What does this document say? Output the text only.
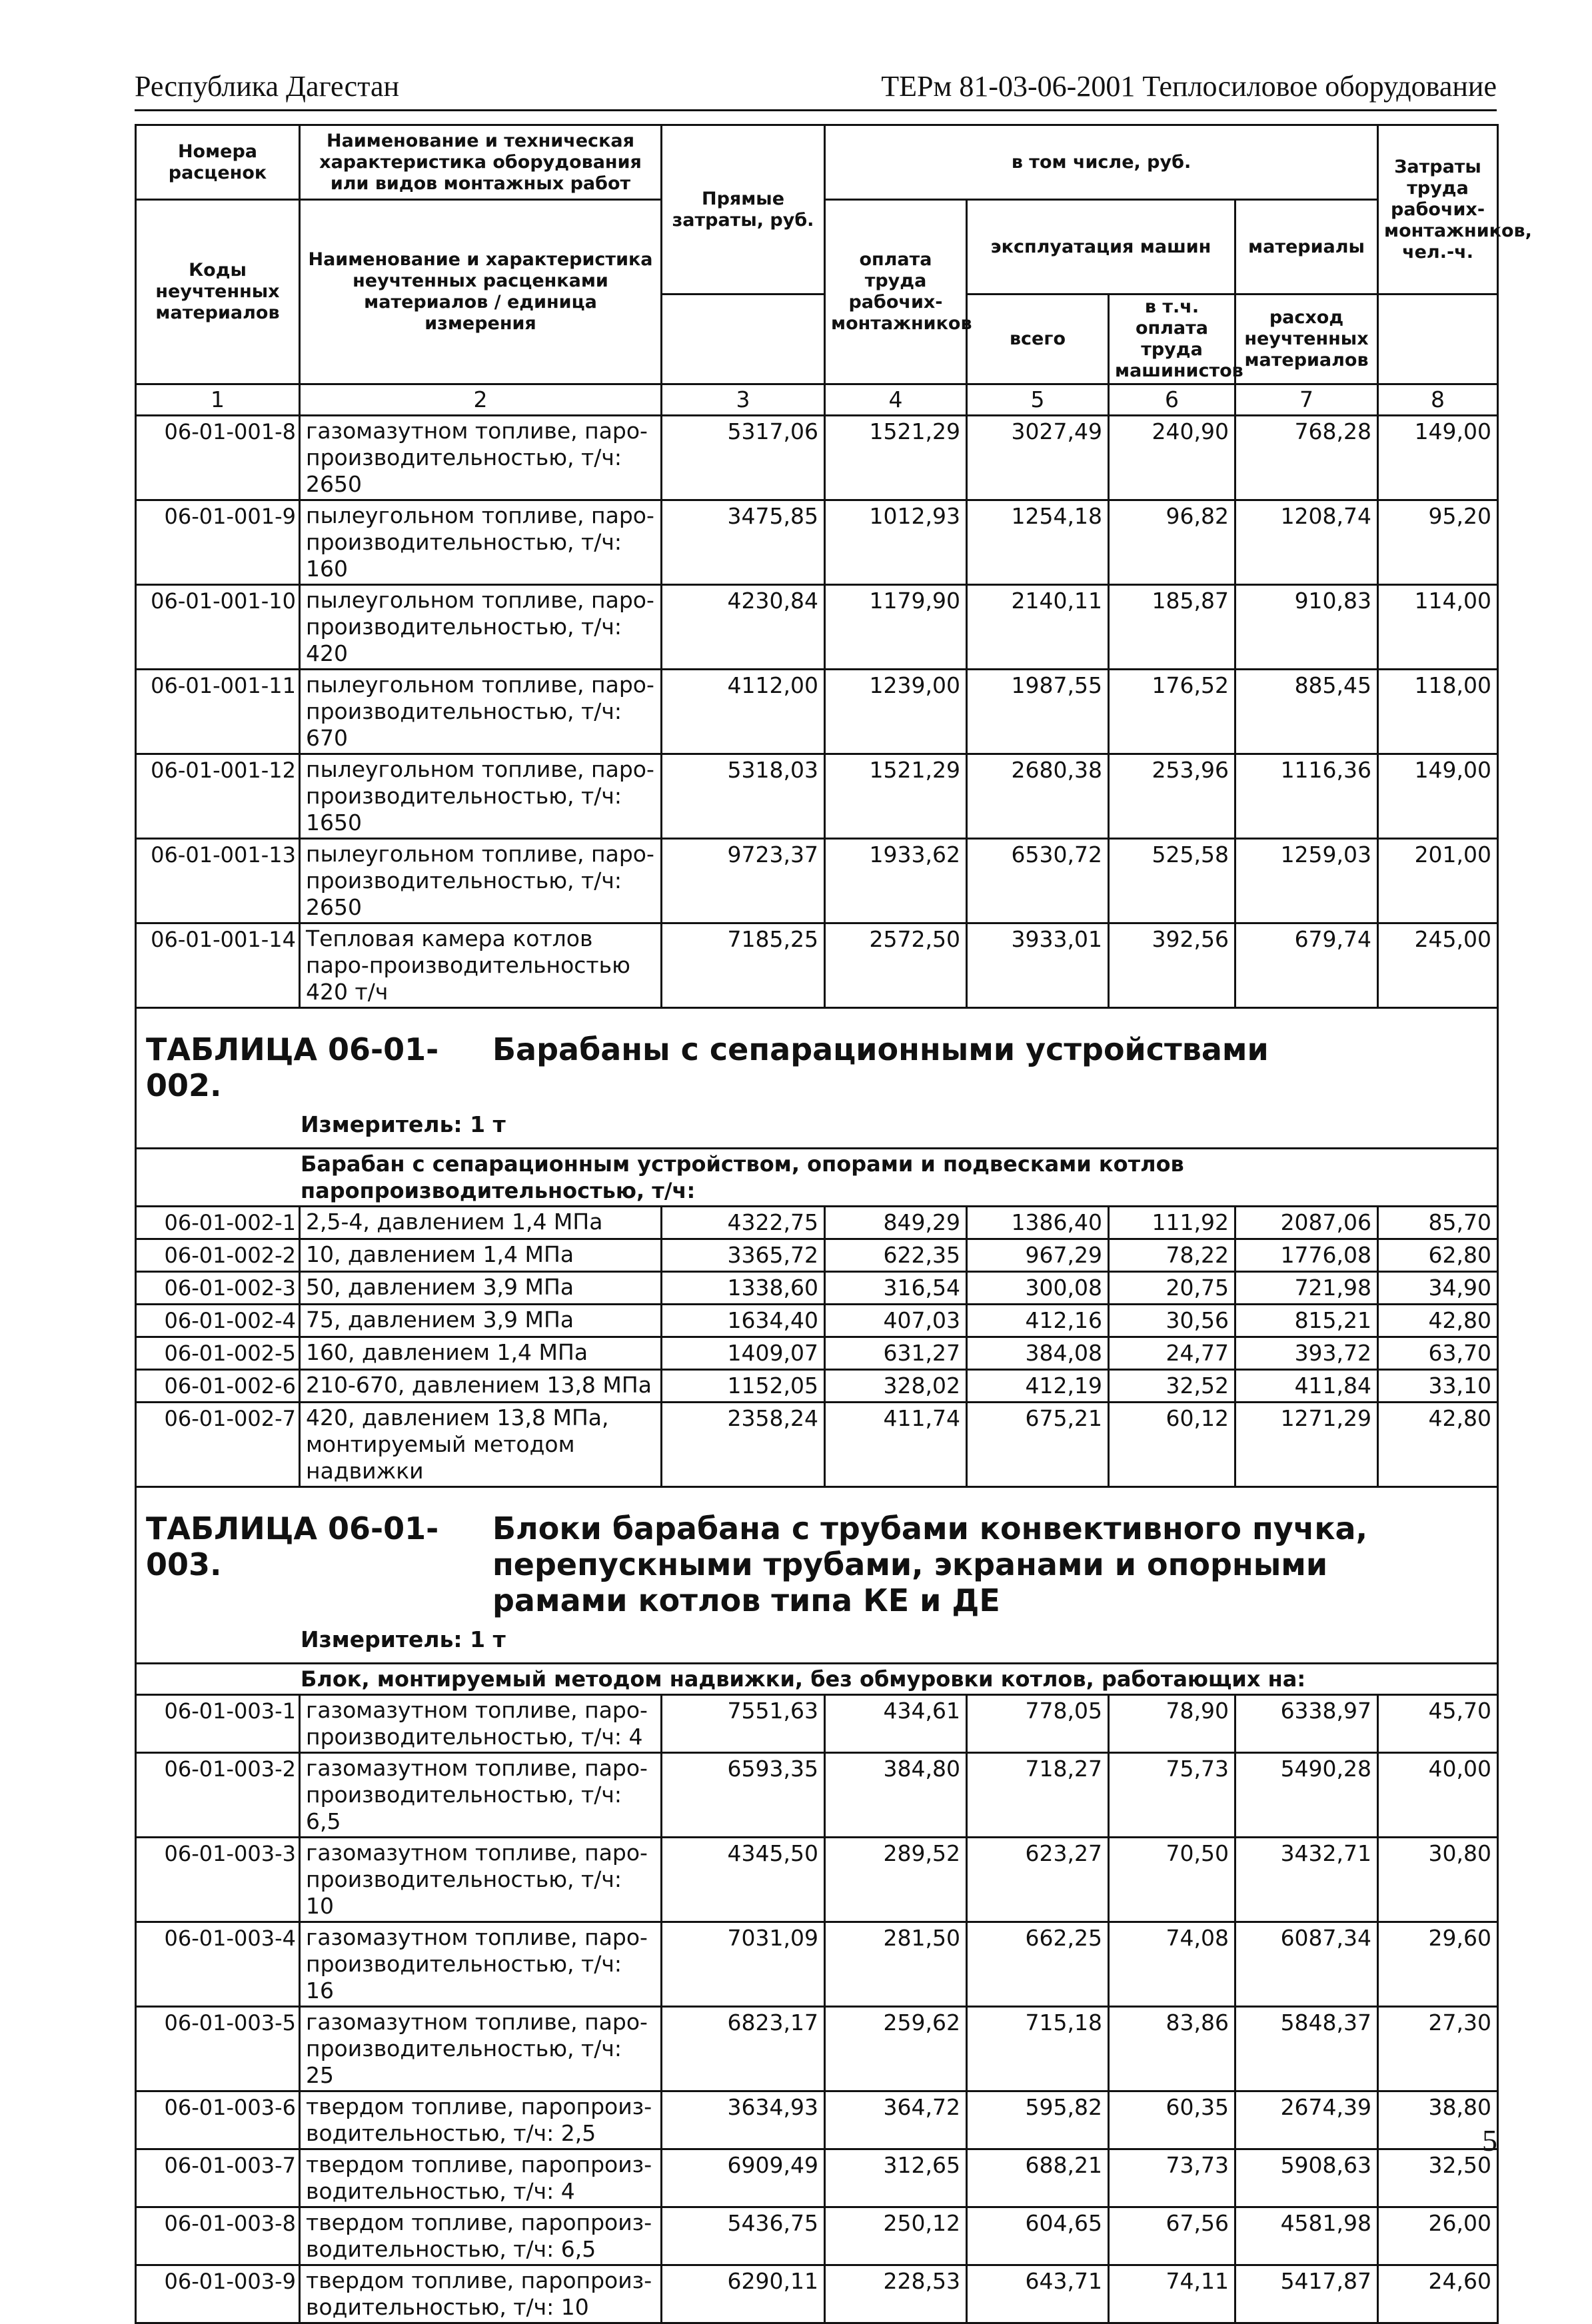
Республика Дагестан	ТЕРм 81-03-06-2001 Теплосиловое оборудование
Номера расценок	Наименование и техническая характеристика оборудования или видов монтажных работ	Прямые затраты, руб.	в том числе, руб.				Затраты труда рабочих-монтажников, чел.-ч.
Коды неучтенных материалов	Наименование и характеристика неучтенных расценками материалов / единица измерения		оплата труда рабочих-монтажников	эксплуатация машин		материалы	
				всего	в т.ч. оплата труда машинистов	расход неучтенных материалов	
1	2	3	4	5	6	7	8
06-01-001-8	газомазутном топливе, паро-производительностью, т/ч: 2650	5317,06	1521,29	3027,49	240,90	768,28	149,00
06-01-001-9	пылеугольном топливе, паро-производительностью, т/ч: 160	3475,85	1012,93	1254,18	96,82	1208,74	95,20
06-01-001-10	пылеугольном топливе, паро-производительностью, т/ч: 420	4230,84	1179,90	2140,11	185,87	910,83	114,00
06-01-001-11	пылеугольном топливе, паро-производительностью, т/ч: 670	4112,00	1239,00	1987,55	176,52	885,45	118,00
06-01-001-12	пылеугольном топливе, паро-производительностью, т/ч: 1650	5318,03	1521,29	2680,38	253,96	1116,36	149,00
06-01-001-13	пылеугольном топливе, паро-производительностью, т/ч: 2650	9723,37	1933,62	6530,72	525,58	1259,03	201,00
06-01-001-14	Тепловая камера котлов паро-производительностью 420 т/ч	7185,25	2572,50	3933,01	392,56	679,74	245,00
ТАБЛИЦА 06-01-002.Барабаны с сепарационными устройствами							
Измеритель: 1 т							
Барабан с сепарационным устройством, опорами и подвесками котлов паропроизводительностью, т/ч:							
06-01-002-1	2,5-4, давлением 1,4 МПа	4322,75	849,29	1386,40	111,92	2087,06	85,70
06-01-002-2	10, давлением 1,4 МПа	3365,72	622,35	967,29	78,22	1776,08	62,80
06-01-002-3	50, давлением 3,9 МПа	1338,60	316,54	300,08	20,75	721,98	34,90
06-01-002-4	75, давлением 3,9 МПа	1634,40	407,03	412,16	30,56	815,21	42,80
06-01-002-5	160, давлением 1,4 МПа	1409,07	631,27	384,08	24,77	393,72	63,70
06-01-002-6	210-670, давлением 13,8 МПа	1152,05	328,02	412,19	32,52	411,84	33,10
06-01-002-7	420, давлением 13,8 МПа, монтируемый методом надвижки	2358,24	411,74	675,21	60,12	1271,29	42,80
ТАБЛИЦА 06-01-003.Блоки барабана с трубами конвективного пучка, перепускными трубами, экранами и опорными рамами котлов типа КЕ и ДЕ							
Измеритель: 1 т							
Блок, монтируемый методом надвижки, без обмуровки котлов, работающих на:							
06-01-003-1	газомазутном топливе, паро-производительностью, т/ч: 4	7551,63	434,61	778,05	78,90	6338,97	45,70
06-01-003-2	газомазутном топливе, паро-производительностью, т/ч: 6,5	6593,35	384,80	718,27	75,73	5490,28	40,00
06-01-003-3	газомазутном топливе, паро-производительностью, т/ч: 10	4345,50	289,52	623,27	70,50	3432,71	30,80
06-01-003-4	газомазутном топливе, паро-производительностью, т/ч: 16	7031,09	281,50	662,25	74,08	6087,34	29,60
06-01-003-5	газомазутном топливе, паро-производительностью, т/ч: 25	6823,17	259,62	715,18	83,86	5848,37	27,30
06-01-003-6	твердом топливе, паропроиз-водительностью, т/ч: 2,5	3634,93	364,72	595,82	60,35	2674,39	38,80
06-01-003-7	твердом топливе, паропроиз-водительностью, т/ч: 4	6909,49	312,65	688,21	73,73	5908,63	32,50
06-01-003-8	твердом топливе, паропроиз-водительностью, т/ч: 6,5	5436,75	250,12	604,65	67,56	4581,98	26,00
06-01-003-9	твердом топливе, паропроиз-водительностью, т/ч: 10	6290,11	228,53	643,71	74,11	5417,87	24,60
5
